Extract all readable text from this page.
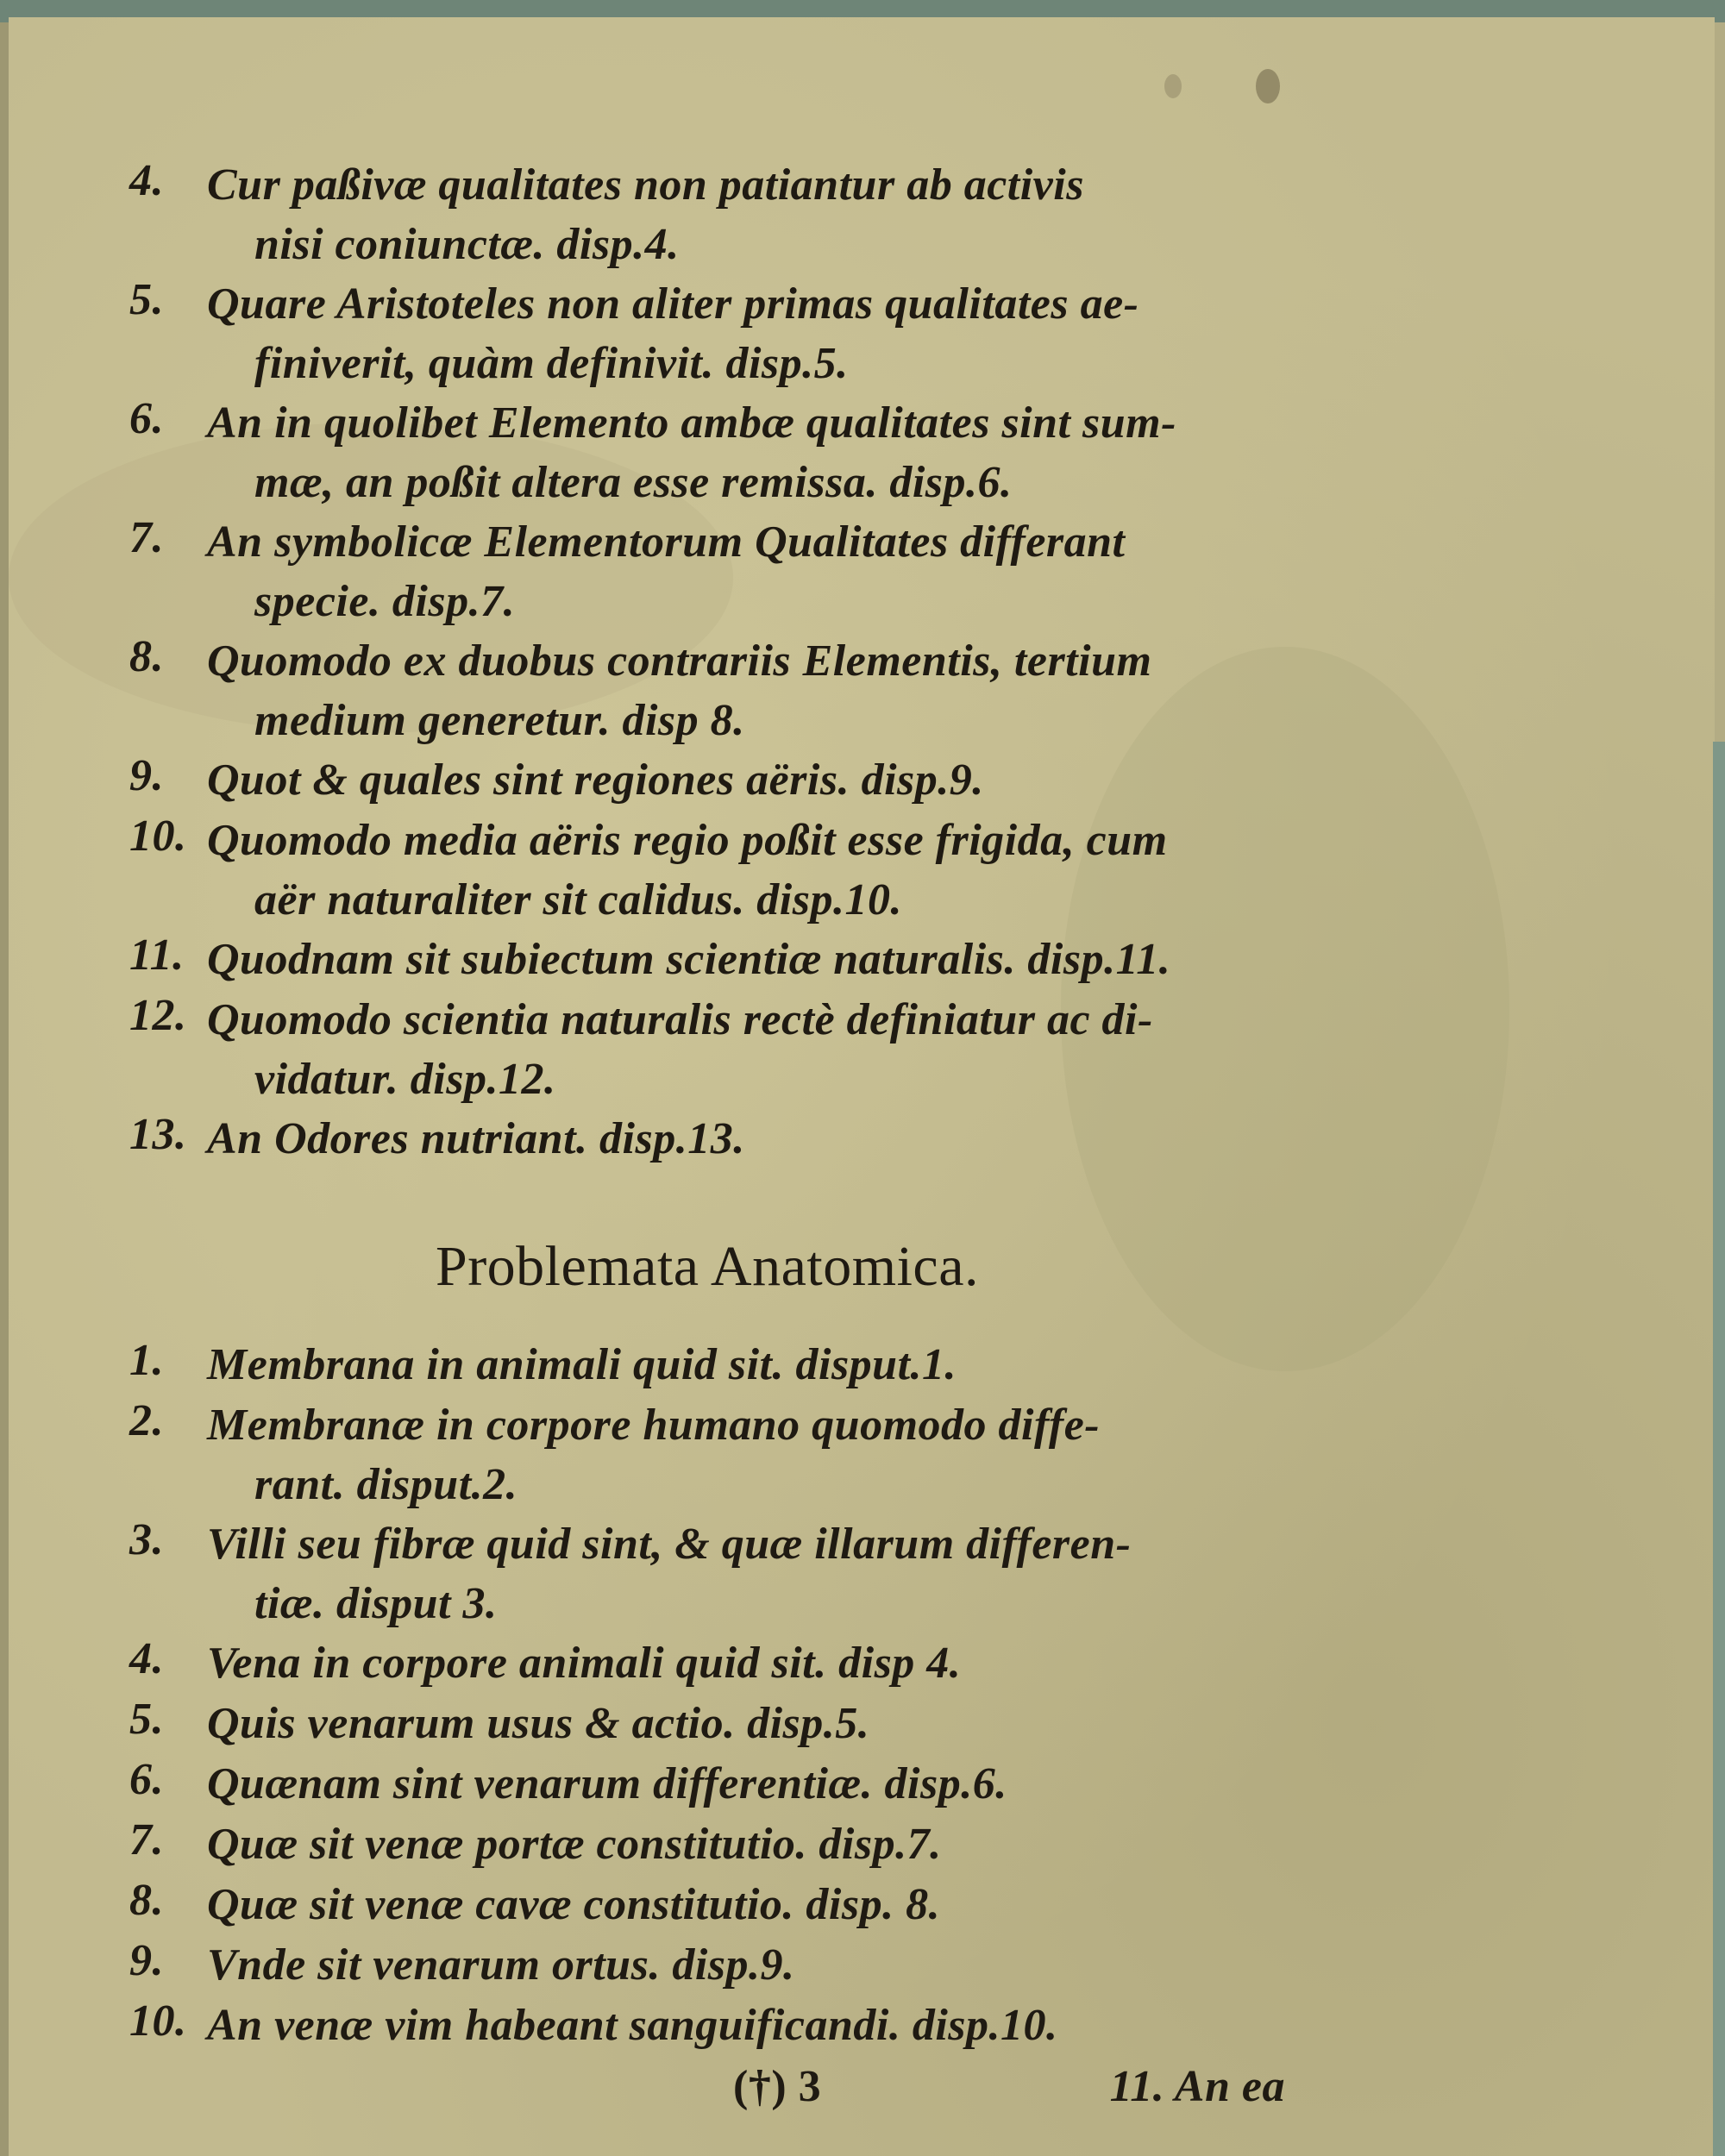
4. Cur paßivæ qualitates non patiantur ab activis
nisi coniunctæ. disp.4.
5. Quare Aristoteles non aliter primas qualitates ae-
finiverit, quàm definivit. disp.5.
6. An in quolibet Elemento ambæ qualitates sint sum-
mæ, an poßit altera esse remissa. disp.6.
7. An symbolicæ Elementorum Qualitates differant
specie. disp.7.
8. Quomodo ex duobus contrariis Elementis, tertium
medium generetur. disp 8.
9. Quot & quales sint regiones aëris. disp.9.
10. Quomodo media aëris regio poßit esse frigida, cum
aër naturaliter sit calidus. disp.10.
11. Quodnam sit subiectum scientiæ naturalis. disp.11.
12. Quomodo scientia naturalis rectè definiatur ac di-
vidatur. disp.12.
13. An Odores nutriant. disp.13.
Problemata Anatomica.
1. Membrana in animali quid sit. disput.1.
2. Membranæ in corpore humano quomodo diffe-
rant. disput.2.
3. Villi seu fibræ quid sint, & quæ illarum differen-
tiæ. disput 3.
4. Vena in corpore animali quid sit. disp 4.
5. Quis venarum usus & actio. disp.5.
6. Quænam sint venarum differentiæ. disp.6.
7. Quæ sit venæ portæ constitutio. disp.7.
8. Quæ sit venæ cavæ constitutio. disp. 8.
9. Vnde sit venarum ortus. disp.9.
10. An venæ vim habeant sanguificandi. disp.10.
(†) 3	11. An ea
